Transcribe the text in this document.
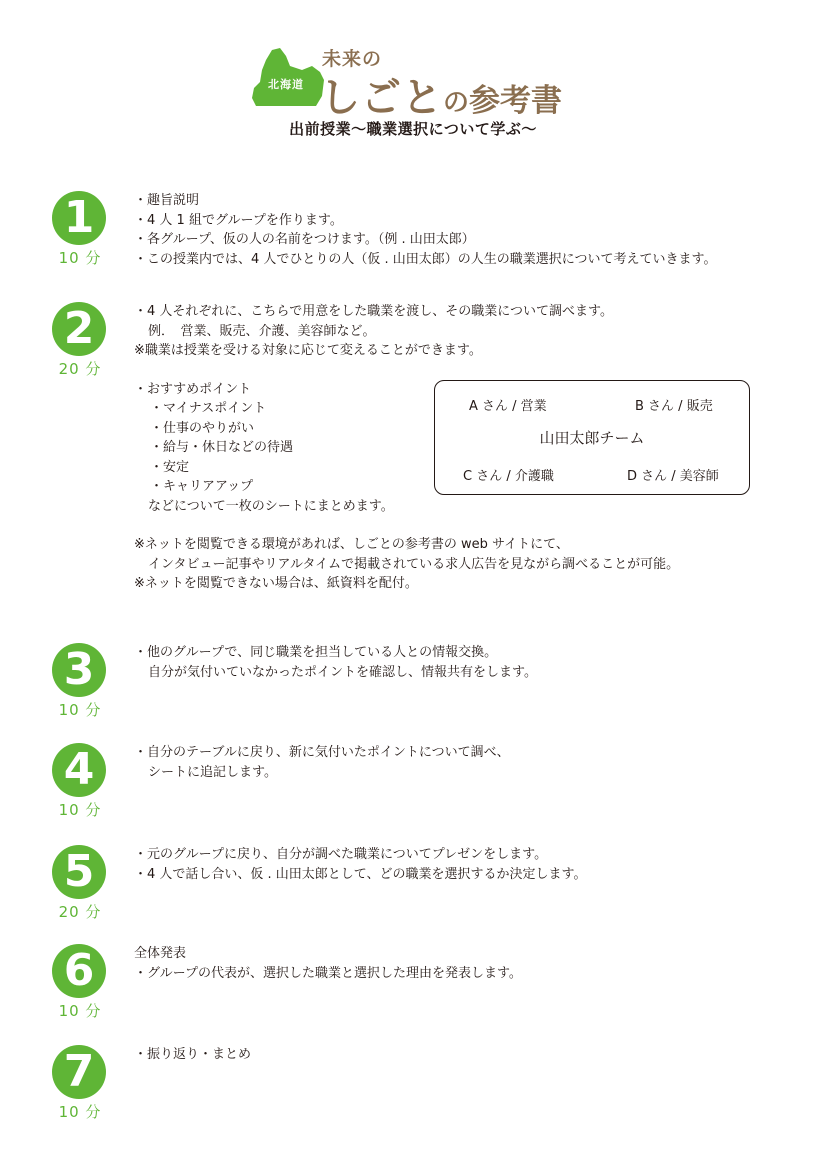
北海道
未来の
しごとの参考書
出前授業〜職業選択について学ぶ〜
1
10 分
・趣旨説明
・4 人 1 組でグループを作ります。
・各グループ、仮の人の名前をつけます。（例 . 山田太郎）
・この授業内では、4 人でひとりの人（仮 . 山田太郎）の人生の職業選択について考えていきます。
2
20 分
・4 人それぞれに、こちらで用意をした職業を渡し、その職業について調べます。
例．　営業、販売、介護、美容師など。
※職業は授業を受ける対象に応じて変えることができます。
・おすすめポイント
・マイナスポイント
・仕事のやりがい
・給与・休日などの待遇
・安定
・キャリアアップ
などについて一枚のシートにまとめます。
※ネットを閲覧できる環境があれば、しごとの参考書の web サイトにて、
インタビュー記事やリアルタイムで掲載されている求人広告を見ながら調べることが可能。
※ネットを閲覧できない場合は、紙資料を配付。
A さん / 営業	B さん / 販売
山田太郎チーム
C さん / 介護職	D さん / 美容師
3
10 分
・他のグループで、同じ職業を担当している人との情報交換。
自分が気付いていなかったポイントを確認し、情報共有をします。
4
10 分
・自分のテーブルに戻り、新に気付いたポイントについて調べ、
シートに追記します。
5
20 分
・元のグループに戻り、自分が調べた職業についてプレゼンをします。
・4 人で話し合い、仮 . 山田太郎として、どの職業を選択するか決定します。
6
10 分
全体発表
・グループの代表が、選択した職業と選択した理由を発表します。
7
10 分
・振り返り・まとめ
